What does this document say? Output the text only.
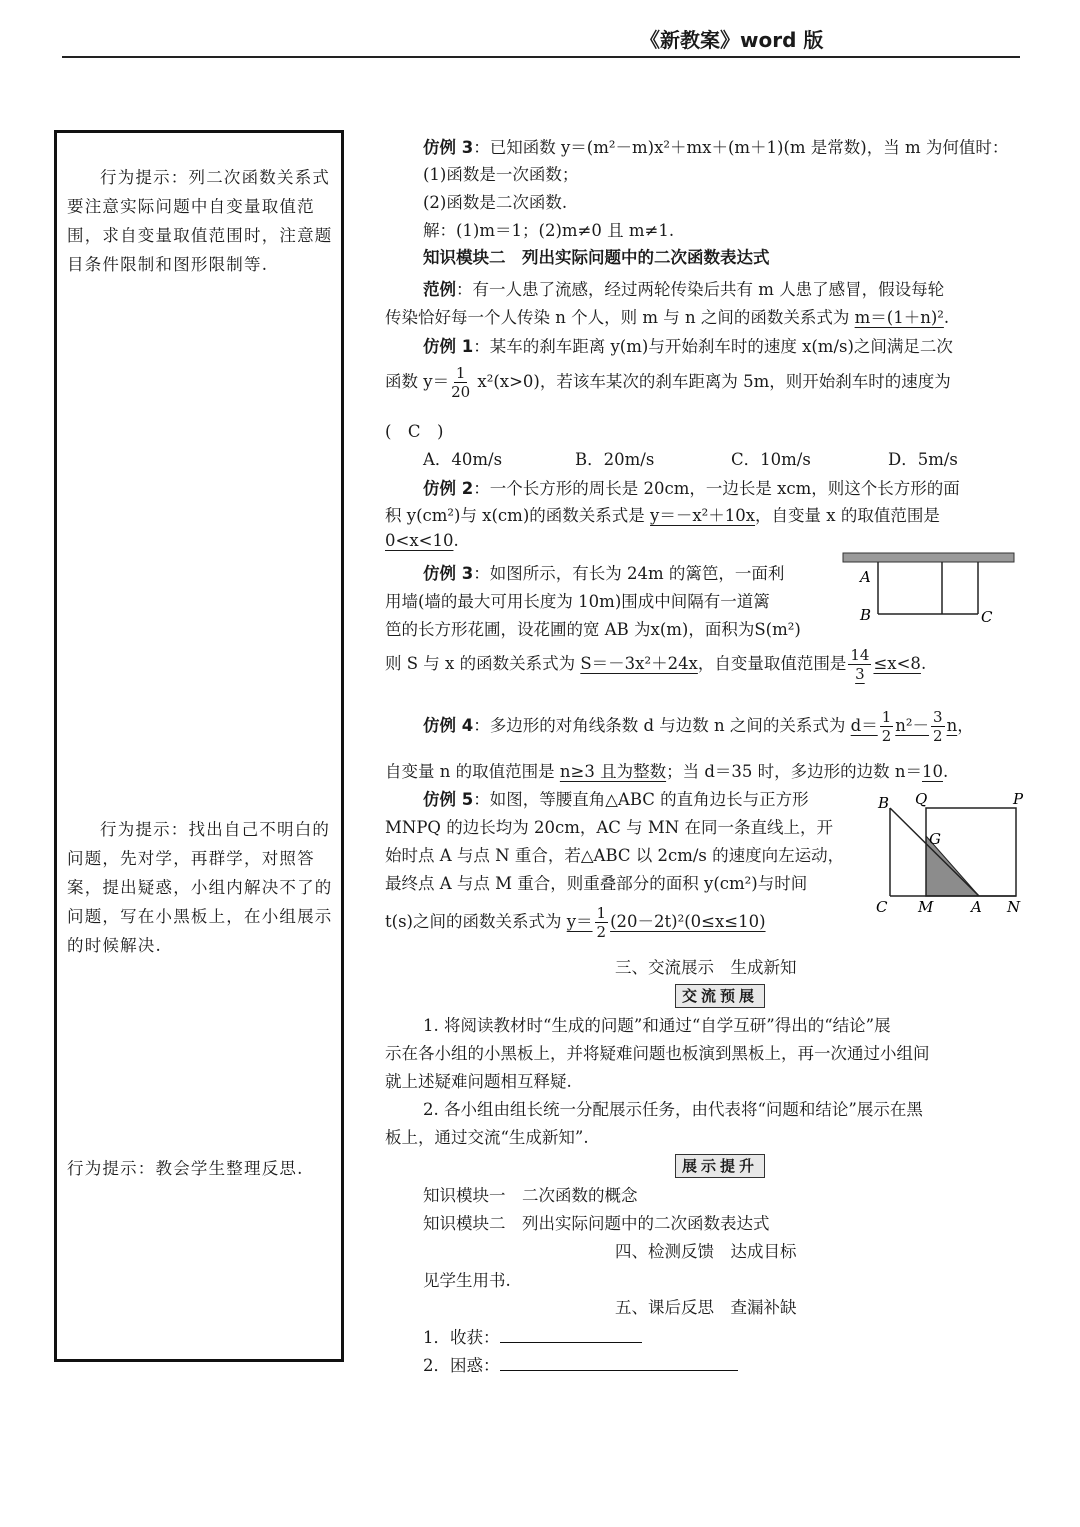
《新教案》word 版
行为提示：列二次函数关系式要注意实际问题中自变量取值范围，求自变量取值范围时，注意题目条件限制和图形限制等.
行为提示：找出自己不明白的问题，先对学，再群学，对照答案，提出疑惑，小组内解决不了的问题，写在小黑板上，在小组展示的时候解决.
行为提示：教会学生整理反思.
仿例 3：已知函数 y＝(m²－m)x²＋mx＋(m＋1)(m 是常数)，当 m 为何值时：
(1)函数是一次函数；
(2)函数是二次函数.
解：(1)m＝1；(2)m≠0 且 m≠1.
知识模块二　列出实际问题中的二次函数表达式
范例：有一人患了流感，经过两轮传染后共有 m 人患了感冒，假设每轮
传染恰好每一个人传染 n 个人，则 m 与 n 之间的函数关系式为 m＝(1＋n)².
仿例 1：某车的刹车距离 y(m)与开始刹车时的速度 x(m/s)之间满足二次
函数 $y= \frac{1}{20} x^2(x>0)$，若该车某次的刹车距离为 5m，则开始刹车时的速度为
(　C　)
A．40m/s	B．20m/s	C．10m/s	D．5m/s
仿例 2：一个长方形的周长是 20cm，一边长是 xcm，则这个长方形的面
积 y(cm²)与 x(cm)的函数关系式是 y＝－x²＋10x，自变量 x 的取值范围是
0<x<10.
仿例 3：如图所示，有长为 24m 的篱笆，一面利
用墙(墙的最大可用长度为 10m)围成中间隔有一道篱
笆的长方形花圃，设花圃的宽 AB 为x(m)，面积为S(m²)
则 S 与 x 的函数关系式为 S＝－3x²＋24x，自变量取值范围是 $\frac{14}{3} \le x<8$.
仿例 4：多边形的对角线条数 d 与边数 n 之间的关系式为 $d= \frac{1}{2} n^2- \frac{3}{2}$ n，
自变量 n 的取值范围是 n≥3 且为整数；当 d＝35 时，多边形的边数 n＝10.
仿例 5：如图，等腰直角△ABC 的直角边长与正方形
MNPQ 的边长均为 20cm，AC 与 MN 在同一条直线上，开
始时点 A 与点 N 重合，若△ABC 以 2cm/s 的速度向左运动，
最终点 A 与点 M 重合，则重叠部分的面积 y(cm²)与时间
t(s)之间的函数关系式为 $y= \frac{1}{2} (20-2t)^2(0\le x\le 10)$
三、交流展示　生成新知
交流预展
1. 将阅读教材时“生成的问题”和通过“自学互研”得出的“结论”展
示在各小组的小黑板上，并将疑难问题也板演到黑板上，再一次通过小组间
就上述疑难问题相互释疑.
2. 各小组由组长统一分配展示任务，由代表将“问题和结论”展示在黑
板上，通过交流“生成新知”.
展示提升
知识模块一　二次函数的概念
知识模块二　列出实际问题中的二次函数表达式
四、检测反馈　达成目标
见学生用书.
五、课后反思　查漏补缺
1．收获：
2．困惑：
A
B	C
B Q	P
G
C M	A N
